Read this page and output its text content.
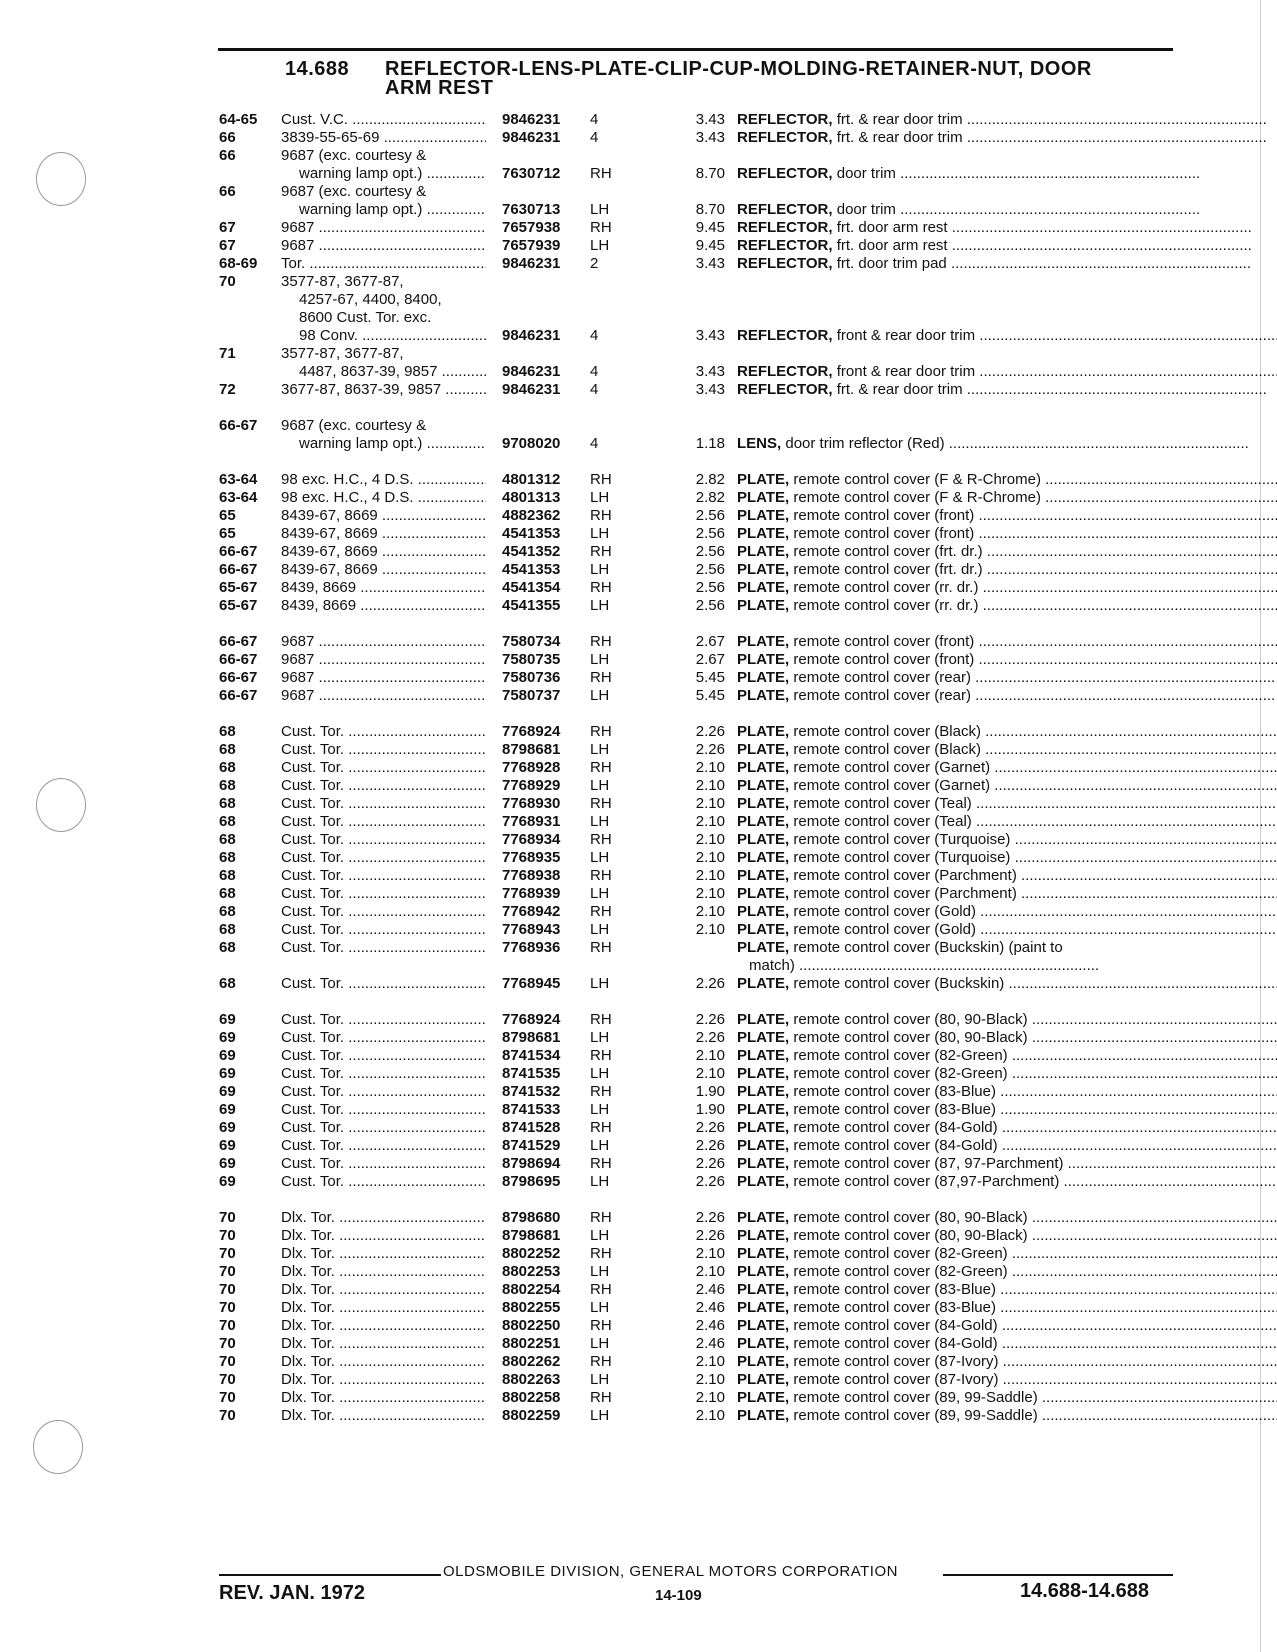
14.688 REFLECTOR-LENS-PLATE-CLIP-CUP-MOLDING-RETAINER-NUT, DOOR
ARM REST
64-65	Cust. V.C. .....	9846231	4	3.43 REFLECTOR, frt. & rear door trim .....
66	3839-55-65-69 .....	9846231	4	3.43 REFLECTOR, frt. & rear door trim .....
66	9687 (exc. courtesy &
warning lamp opt.) .....	7630712	RH	8.70 REFLECTOR, door trim .....
66	9687 (exc. courtesy &
warning lamp opt.) .....	7630713	LH	8.70 REFLECTOR, door trim .....
67	9687 .....	7657938	RH	9.45 REFLECTOR, frt. door arm rest .....
67	9687 .....	7657939	LH	9.45 REFLECTOR, frt. door arm rest .....
68-69	Tor. .....	9846231	2	3.43 REFLECTOR, frt. door trim pad .....
70	3577-87, 3677-87,
4257-67, 4400, 8400,
8600 Cust. Tor. exc.
98 Conv. .....	9846231	4	3.43 REFLECTOR, front & rear door trim .....
71	3577-87, 3677-87,
4487, 8637-39, 9857 .....	9846231	4	3.43 REFLECTOR, front & rear door trim .....
72	3677-87, 8637-39, 9857 .....	9846231	4	3.43 REFLECTOR, frt. & rear door trim .....
66-67	9687 (exc. courtesy &
warning lamp opt.) .....	9708020	4	1.18 LENS, door trim reflector (Red) .....
63-64	98 exc. H.C., 4 D.S. .....	4801312	RH	2.82 PLATE, remote control cover (F & R-Chrome) .....
63-64	98 exc. H.C., 4 D.S. .....	4801313	LH	2.82 PLATE, remote control cover (F & R-Chrome) .....
65	8439-67, 8669 .....	4882362	RH	2.56 PLATE, remote control cover (front) .....
65	8439-67, 8669 .....	4541353	LH	2.56 PLATE, remote control cover (front) .....
66-67	8439-67, 8669 .....	4541352	RH	2.56 PLATE, remote control cover (frt. dr.) .....
66-67	8439-67, 8669 .....	4541353	LH	2.56 PLATE, remote control cover (frt. dr.) .....
65-67	8439, 8669 .....	4541354	RH	2.56 PLATE, remote control cover (rr. dr.) .....
65-67	8439, 8669 .....	4541355	LH	2.56 PLATE, remote control cover (rr. dr.) .....
66-67	9687 .....	7580734	RH	2.67 PLATE, remote control cover (front) .....
66-67	9687 .....	7580735	LH	2.67 PLATE, remote control cover (front) .....
66-67	9687 .....	7580736	RH	5.45 PLATE, remote control cover (rear) .....
66-67	9687 .....	7580737	LH	5.45 PLATE, remote control cover (rear) .....
68	Cust. Tor. .....	7768924	RH	2.26 PLATE, remote control cover (Black) .....
68	Cust. Tor. .....	8798681	LH	2.26 PLATE, remote control cover (Black) .....
68	Cust. Tor. .....	7768928	RH	2.10 PLATE, remote control cover (Garnet) .....
68	Cust. Tor. .....	7768929	LH	2.10 PLATE, remote control cover (Garnet) .....
68	Cust. Tor. .....	7768930	RH	2.10 PLATE, remote control cover (Teal) .....
68	Cust. Tor. .....	7768931	LH	2.10 PLATE, remote control cover (Teal) .....
68	Cust. Tor. .....	7768934	RH	2.10 PLATE, remote control cover (Turquoise) .....
68	Cust. Tor. .....	7768935	LH	2.10 PLATE, remote control cover (Turquoise) .....
68	Cust. Tor. .....	7768938	RH	2.10 PLATE, remote control cover (Parchment) .....
68	Cust. Tor. .....	7768939	LH	2.10 PLATE, remote control cover (Parchment) .....
68	Cust. Tor. .....	7768942	RH	2.10 PLATE, remote control cover (Gold) .....
68	Cust. Tor. .....	7768943	LH	2.10 PLATE, remote control cover (Gold) .....
68	Cust. Tor. .....	7768936	RH	PLATE, remote control cover (Buckskin) (paint to
match) .....
68	Cust. Tor. .....	7768945	LH	2.26 PLATE, remote control cover (Buckskin) .....
69	Cust. Tor. .....	7768924	RH	2.26 PLATE, remote control cover (80, 90-Black) .....
69	Cust. Tor. .....	8798681	LH	2.26 PLATE, remote control cover (80, 90-Black) .....
69	Cust. Tor. .....	8741534	RH	2.10 PLATE, remote control cover (82-Green) .....
69	Cust. Tor. .....	8741535	LH	2.10 PLATE, remote control cover (82-Green) .....
69	Cust. Tor. .....	8741532	RH	1.90 PLATE, remote control cover (83-Blue) .....
69	Cust. Tor. .....	8741533	LH	1.90 PLATE, remote control cover (83-Blue) .....
69	Cust. Tor. .....	8741528	RH	2.26 PLATE, remote control cover (84-Gold) .....
69	Cust. Tor. .....	8741529	LH	2.26 PLATE, remote control cover (84-Gold) .....
69	Cust. Tor. .....	8798694	RH	2.26 PLATE, remote control cover (87, 97-Parchment) .....
69	Cust. Tor. .....	8798695	LH	2.26 PLATE, remote control cover (87,97-Parchment) .....
70	Dlx. Tor. .....	8798680	RH	2.26 PLATE, remote control cover (80, 90-Black) .....
70	Dlx. Tor. .....	8798681	LH	2.26 PLATE, remote control cover (80, 90-Black) .....
70	Dlx. Tor. .....	8802252	RH	2.10 PLATE, remote control cover (82-Green) .....
70	Dlx. Tor. .....	8802253	LH	2.10 PLATE, remote control cover (82-Green) .....
70	Dlx. Tor. .....	8802254	RH	2.46 PLATE, remote control cover (83-Blue) .....
70	Dlx. Tor. .....	8802255	LH	2.46 PLATE, remote control cover (83-Blue) .....
70	Dlx. Tor. .....	8802250	RH	2.46 PLATE, remote control cover (84-Gold) .....
70	Dlx. Tor. .....	8802251	LH	2.46 PLATE, remote control cover (84-Gold) .....
70	Dlx. Tor. .....	8802262	RH	2.10 PLATE, remote control cover (87-Ivory) .....
70	Dlx. Tor. .....	8802263	LH	2.10 PLATE, remote control cover (87-Ivory) .....
70	Dlx. Tor. .....	8802258	RH	2.10 PLATE, remote control cover (89, 99-Saddle) .....
70	Dlx. Tor. .....	8802259	LH	2.10 PLATE, remote control cover (89, 99-Saddle) .....
OLDSMOBILE DIVISION, GENERAL MOTORS CORPORATION
REV. JAN. 1972	14-109	14.688-14.688
